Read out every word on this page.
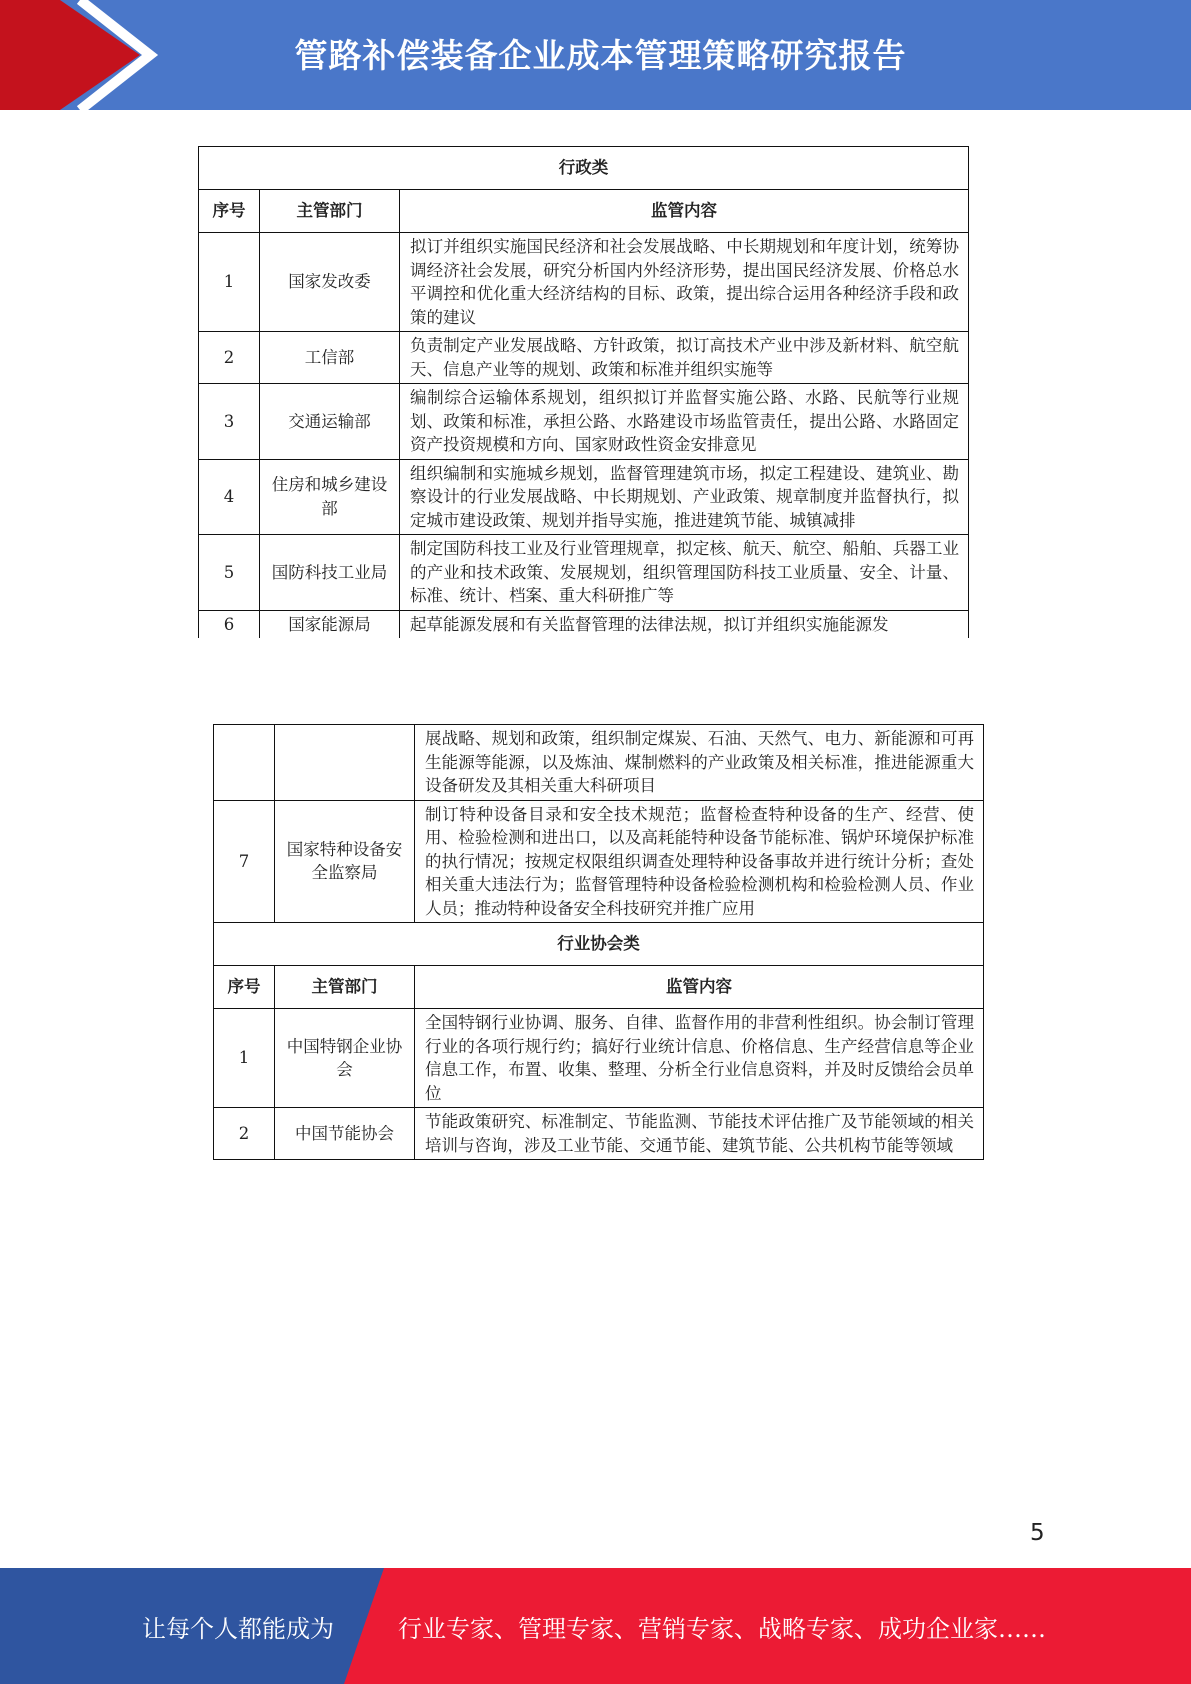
管路补偿装备企业成本管理策略研究报告
行政类		
序号	主管部门	监管内容
1	国家发改委	拟订并组织实施国民经济和社会发展战略、中长期规划和年度计划，统筹协调经济社会发展，研究分析国内外经济形势，提出国民经济发展、价格总水平调控和优化重大经济结构的目标、政策，提出综合运用各种经济手段和政策的建议
2	工信部	负责制定产业发展战略、方针政策，拟订高技术产业中涉及新材料、航空航天、信息产业等的规划、政策和标准并组织实施等
3	交通运输部	编制综合运输体系规划，组织拟订并监督实施公路、水路、民航等行业规划、政策和标准，承担公路、水路建设市场监管责任，提出公路、水路固定资产投资规模和方向、国家财政性资金安排意见
4	住房和城乡建设部	组织编制和实施城乡规划，监督管理建筑市场，拟定工程建设、建筑业、勘察设计的行业发展战略、中长期规划、产业政策、规章制度并监督执行，拟定城市建设政策、规划并指导实施，推进建筑节能、城镇减排
5	国防科技工业局	制定国防科技工业及行业管理规章，拟定核、航天、航空、船舶、兵器工业的产业和技术政策、发展规划，组织管理国防科技工业质量、安全、计量、标准、统计、档案、重大科研推广等
6	国家能源局	起草能源发展和有关监督管理的法律法规，拟订并组织实施能源发
		展战略、规划和政策，组织制定煤炭、石油、天然气、电力、新能源和可再生能源等能源，以及炼油、煤制燃料的产业政策及相关标准，推进能源重大设备研发及其相关重大科研项目
7	国家特种设备安全监察局	制订特种设备目录和安全技术规范；监督检查特种设备的生产、经营、使用、检验检测和进出口，以及高耗能特种设备节能标准、锅炉环境保护标准的执行情况；按规定权限组织调查处理特种设备事故并进行统计分析；查处相关重大违法行为；监督管理特种设备检验检测机构和检验检测人员、作业人员；推动特种设备安全科技研究并推广应用
行业协会类		
序号	主管部门	监管内容
1	中国特钢企业协会	全国特钢行业协调、服务、自律、监督作用的非营利性组织。协会制订管理行业的各项行规行约；搞好行业统计信息、价格信息、生产经营信息等企业信息工作，布置、收集、整理、分析全行业信息资料，并及时反馈给会员单位
2	中国节能协会	节能政策研究、标准制定、节能监测、节能技术评估推广及节能领域的相关培训与咨询，涉及工业节能、交通节能、建筑节能、公共机构节能等领域
5
让每个人都能成为	行业专家、管理专家、营销专家、战略专家、成功企业家……
